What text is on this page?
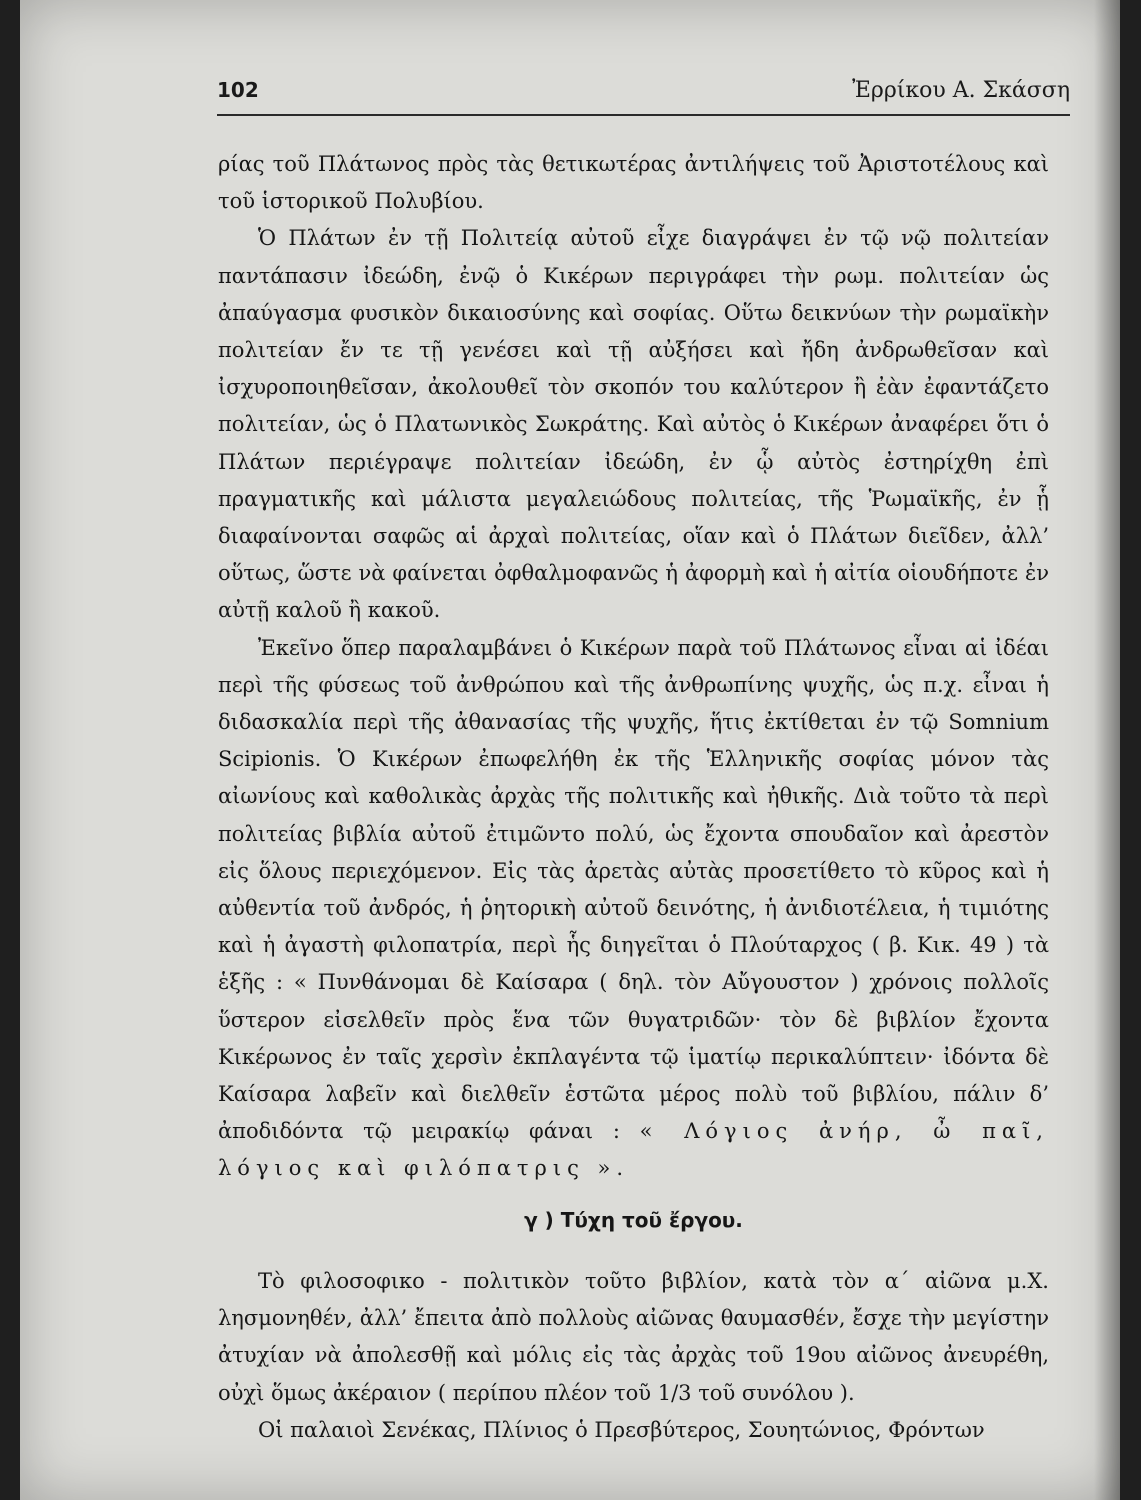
102	Ἐρρίκου Α. Σκάσση

ρίας τοῦ Πλάτωνος πρὸς τὰς θετικωτέρας ἀντιλήψεις τοῦ Ἀριστοτέλους καὶ τοῦ ἱστορικοῦ Πολυβίου.

Ὁ Πλάτων ἐν τῇ Πολιτείᾳ αὐτοῦ εἶχε διαγράψει ἐν τῷ νῷ πολιτείαν παντάπασιν ἰδεώδη, ἐνῷ ὁ Κικέρων περιγράφει τὴν ρωμ. πολιτείαν ὡς ἀπαύγασμα φυσικὸν δικαιοσύνης καὶ σοφίας. Οὕτω δεικνύων τὴν ρωμαϊκὴν πολιτείαν ἔν τε τῇ γενέσει καὶ τῇ αὐξήσει καὶ ἤδη ἀνδρωθεῖσαν καὶ ἰσχυροποιηθεῖσαν, ἀκολουθεῖ τὸν σκοπόν του καλύτερον ἢ ἐὰν ἐφαντάζετο πολιτείαν, ὡς ὁ Πλατωνικὸς Σωκράτης. Καὶ αὐτὸς ὁ Κικέρων ἀναφέρει ὅτι ὁ Πλάτων περιέγραψε πολιτείαν ἰδεώδη, ἐν ᾧ αὐτὸς ἐστηρίχθη ἐπὶ πραγματικῆς καὶ μάλιστα μεγαλειώδους πολιτείας, τῆς Ῥωμαϊκῆς, ἐν ᾗ διαφαίνονται σαφῶς αἱ ἀρχαὶ πολιτείας, οἵαν καὶ ὁ Πλάτων διεῖδεν, ἀλλ’ οὕτως, ὥστε νὰ φαίνεται ὀφθαλμοφανῶς ἡ ἀφορμὴ καὶ ἡ αἰτία οἱουδήποτε ἐν αὐτῇ καλοῦ ἢ κακοῦ.

Ἐκεῖνο ὅπερ παραλαμβάνει ὁ Κικέρων παρὰ τοῦ Πλάτωνος εἶναι αἱ ἰδέαι περὶ τῆς φύσεως τοῦ ἀνθρώπου καὶ τῆς ἀνθρωπίνης ψυχῆς, ὡς π.χ. εἶναι ἡ διδασκαλία περὶ τῆς ἀθανασίας τῆς ψυχῆς, ἥτις ἐκτίθεται ἐν τῷ Somnium Scipionis. Ὁ Κικέρων ἐπωφελήθη ἐκ τῆς Ἑλληνικῆς σοφίας μόνον τὰς αἰωνίους καὶ καθολικὰς ἀρχὰς τῆς πολιτικῆς καὶ ἠθικῆς. Διὰ τοῦτο τὰ περὶ πολιτείας βιβλία αὐτοῦ ἐτιμῶντο πολύ, ὡς ἔχοντα σπουδαῖον καὶ ἀρεστὸν εἰς ὅλους περιεχόμενον. Εἰς τὰς ἀρετὰς αὐτὰς προσετίθετο τὸ κῦρος καὶ ἡ αὐθεντία τοῦ ἀνδρός, ἡ ῥητορικὴ αὐτοῦ δεινότης, ἡ ἀνιδιοτέλεια, ἡ τιμιότης καὶ ἡ ἀγαστὴ φιλοπατρία, περὶ ἧς διηγεῖται ὁ Πλούταρχος ( β. Κικ. 49 ) τὰ ἑξῆς : « Πυνθάνομαι δὲ Καίσαρα ( δηλ. τὸν Αὔγουστον ) χρόνοις πολλοῖς ὕστερον εἰσελθεῖν πρὸς ἕνα τῶν θυγατριδῶν· τὸν δὲ βιβλίον ἔχοντα Κικέρωνος ἐν ταῖς χερσὶν ἐκπλαγέντα τῷ ἱματίῳ περικαλύπτειν· ἰδόντα δὲ Καίσαρα λαβεῖν καὶ διελθεῖν ἑστῶτα μέρος πολὺ τοῦ βιβλίου, πάλιν δ’ ἀποδιδόντα τῷ μειρακίῳ φάναι : « Λόγιος ἀνήρ, ὦ παῖ, λόγιος καὶ φιλόπατρις ».

γ ) Τύχη τοῦ ἔργου.

Τὸ φιλοσοφικο - πολιτικὸν τοῦτο βιβλίον, κατὰ τὸν α΄ αἰῶνα μ.Χ. λησμονηθέν, ἀλλ’ ἔπειτα ἀπὸ πολλοὺς αἰῶνας θαυμασθέν, ἔσχε τὴν μεγίστην ἀτυχίαν νὰ ἀπολεσθῇ καὶ μόλις εἰς τὰς ἀρχὰς τοῦ 19ου αἰῶνος ἀνευρέθη, οὐχὶ ὅμως ἀκέραιον ( περίπου πλέον τοῦ 1/3 τοῦ συνόλου ).

Οἱ παλαιοὶ Σενέκας, Πλίνιος ὁ Πρεσβύτερος, Σουητώνιος, Φρόντων
